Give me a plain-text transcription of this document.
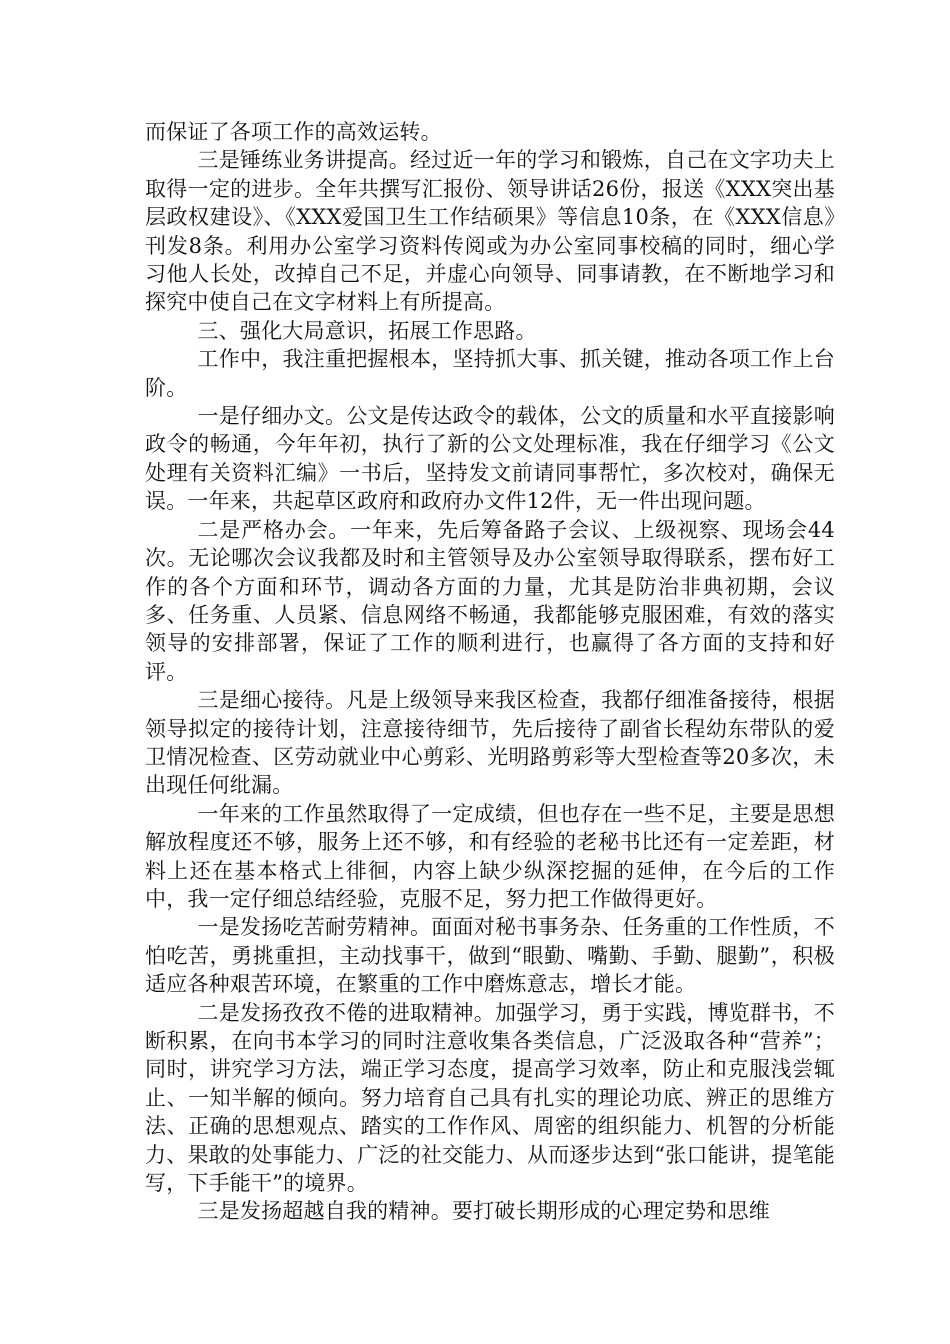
而保证了各项工作的高效运转。

三是锤练业务讲提高。经过近一年的学习和锻炼，自己在文字功夫上取得一定的进步。全年共撰写汇报份、领导讲话26份，报送《XXX突出基层政权建设》、《XXX爱国卫生工作结硕果》等信息10条，在《XXX信息》刊发8条。利用办公室学习资料传阅或为办公室同事校稿的同时，细心学习他人长处，改掉自己不足，并虚心向领导、同事请教，在不断地学习和探究中使自己在文字材料上有所提高。

三、强化大局意识，拓展工作思路。

工作中，我注重把握根本，坚持抓大事、抓关键，推动各项工作上台阶。

一是仔细办文。公文是传达政令的载体，公文的质量和水平直接影响政令的畅通，今年年初，执行了新的公文处理标准，我在仔细学习《公文处理有关资料汇编》一书后，坚持发文前请同事帮忙，多次校对，确保无误。一年来，共起草区政府和政府办文件12件，无一件出现问题。

二是严格办会。一年来，先后筹备路子会议、上级视察、现场会44次。无论哪次会议我都及时和主管领导及办公室领导取得联系，摆布好工作的各个方面和环节，调动各方面的力量，尤其是防治非典初期，会议多、任务重、人员紧、信息网络不畅通，我都能够克服困难，有效的落实领导的安排部署，保证了工作的顺利进行，也赢得了各方面的支持和好评。

三是细心接待。凡是上级领导来我区检查，我都仔细准备接待，根据领导拟定的接待计划，注意接待细节，先后接待了副省长程幼东带队的爱卫情况检查、区劳动就业中心剪彩、光明路剪彩等大型检查等20多次，未出现任何纰漏。

一年来的工作虽然取得了一定成绩，但也存在一些不足，主要是思想解放程度还不够，服务上还不够，和有经验的老秘书比还有一定差距，材料上还在基本格式上徘徊，内容上缺少纵深挖掘的延伸，在今后的工作中，我一定仔细总结经验，克服不足，努力把工作做得更好。

一是发扬吃苦耐劳精神。面面对秘书事务杂、任务重的工作性质，不怕吃苦，勇挑重担，主动找事干，做到“眼勤、嘴勤、手勤、腿勤”，积极适应各种艰苦环境，在繁重的工作中磨炼意志，增长才能。

二是发扬孜孜不倦的进取精神。加强学习，勇于实践，博览群书，不断积累，在向书本学习的同时注意收集各类信息，广泛汲取各种“营养”；同时，讲究学习方法，端正学习态度，提高学习效率，防止和克服浅尝辄止、一知半解的倾向。努力培育自己具有扎实的理论功底、辨正的思维方法、正确的思想观点、踏实的工作作风、周密的组织能力、机智的分析能力、果敢的处事能力、广泛的社交能力、从而逐步达到“张口能讲，提笔能写，下手能干”的境界。

三是发扬超越自我的精神。要打破长期形成的心理定势和思维
